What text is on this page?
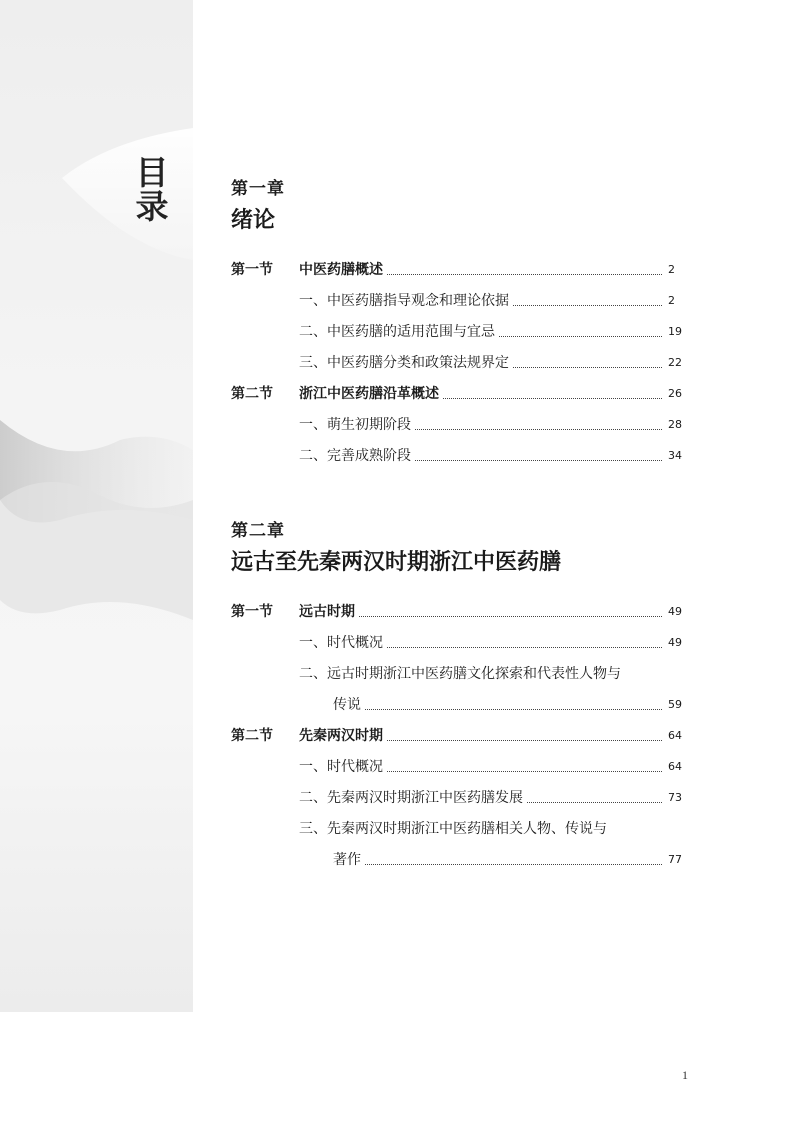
目
录	第一章
绪论
第一节	中医药膳概述	2
一、中医药膳指导观念和理论依据	2
二、中医药膳的适用范围与宜忌	19
三、中医药膳分类和政策法规界定	22
第二节	浙江中医药膳沿革概述	26
一、萌生初期阶段	28
二、完善成熟阶段	34
第二章
远古至先秦两汉时期浙江中医药膳
第一节	远古时期	49
一、时代概况	49
二、远古时期浙江中医药膳文化探索和代表性人物与
传说	59
第二节	先秦两汉时期	64
一、时代概况	64
二、先秦两汉时期浙江中医药膳发展	73
三、先秦两汉时期浙江中医药膳相关人物、传说与
著作	77
1
